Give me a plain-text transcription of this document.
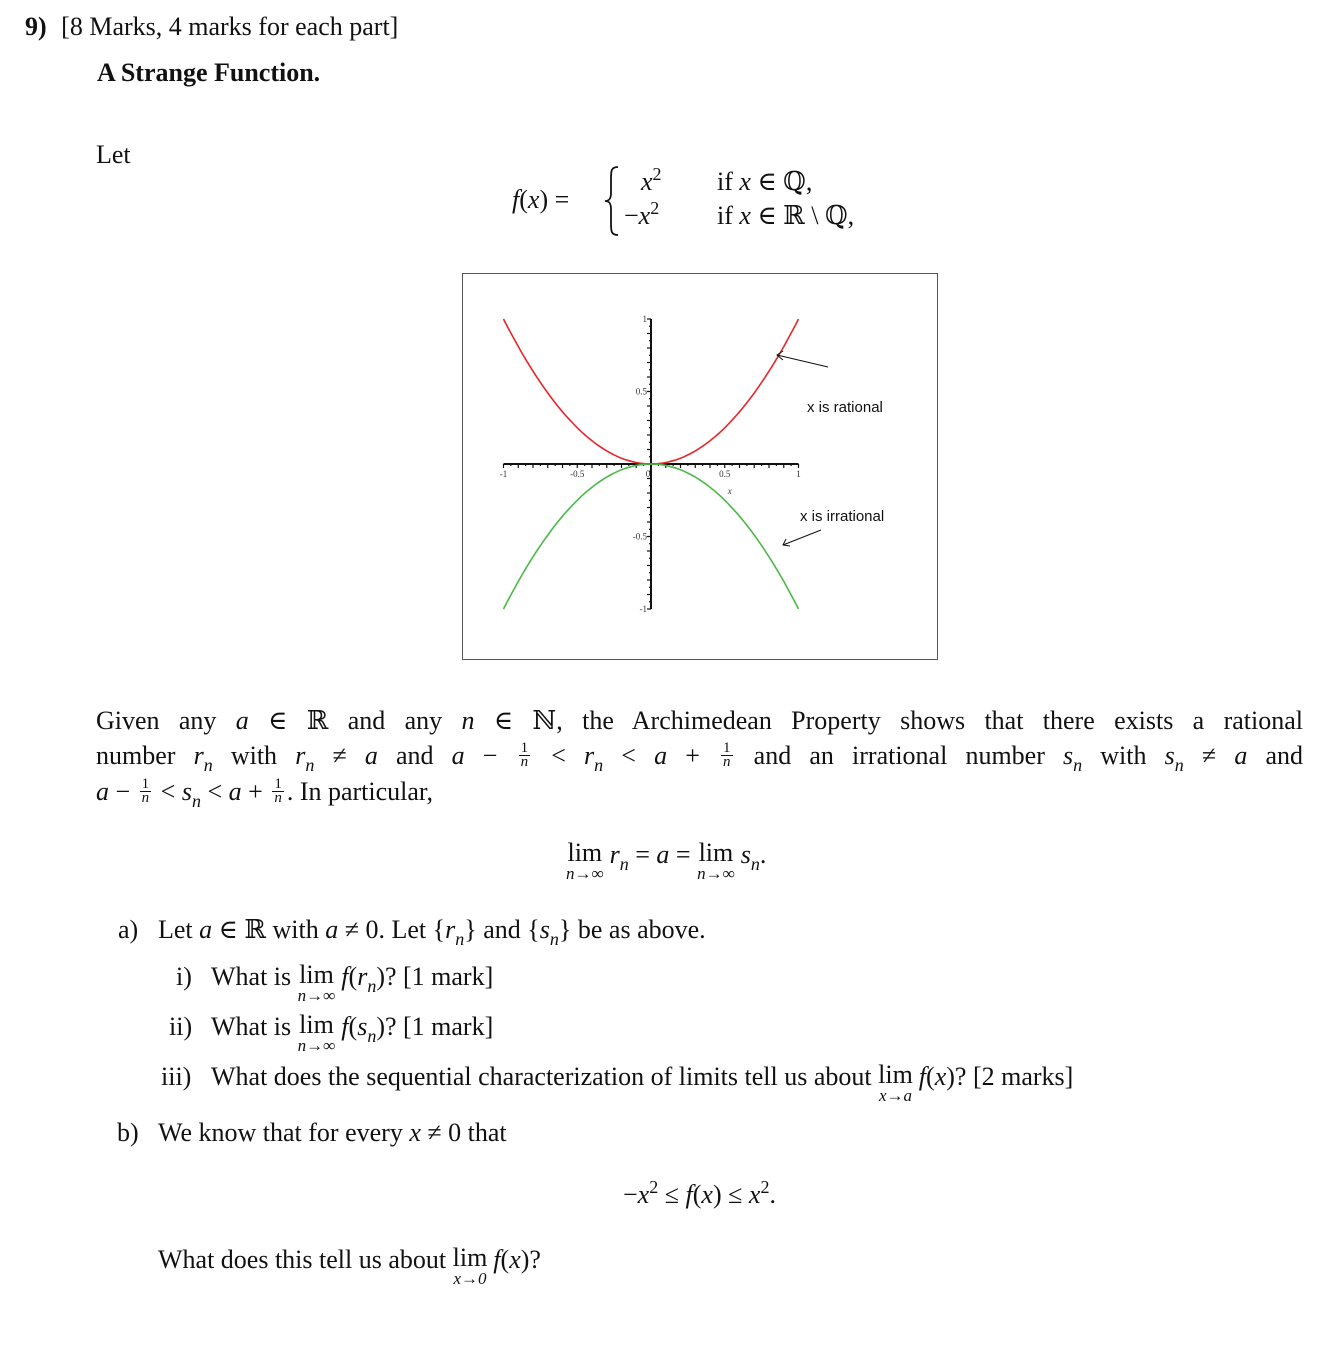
9) [8 Marks, 4 marks for each part]
A Strange Function.
Let
f(x) =
$x^2$ if x ∈ ℚ,
$-x^2$ if x ∈ ℝ \ ℚ,
-1	-0.5	0	0.5	1
1
0.5
-0.5
-1
x
x is rational
x is irrational
Given any a ∈ ℝ and any n ∈ ℕ, the Archimedean Property shows that there exists a rational
number $r_n$ with $r_n \ne a$ and $a - \frac{1}{n} < r_n < a + \frac{1}{n}$ and an irrational number $s_n$ with $s_n \ne a$ and
$a - \frac{1}{n} < s_n < a + \frac{1}{n}$ . In particular,
lim
n→∞
$r_n = a = \lim$
n→∞
$s_n$.
a) Let a ∈ ℝ with a ≠ 0. Let $\{r_n\}$ and $\{s_n\}$ be as above.
i) What is lim
n→∞
$f(r_n)$? [1 mark]
ii) What is lim
n→∞
$f(s_n)$? [1 mark]
iii) What does the sequential characterization of limits tell us about lim
x→a
f(x)? [2 marks]
b) We know that for every x ≠ 0 that
$-x^2 \le f(x) \le x^2$.
What does this tell us about lim
x→0
f(x)?
